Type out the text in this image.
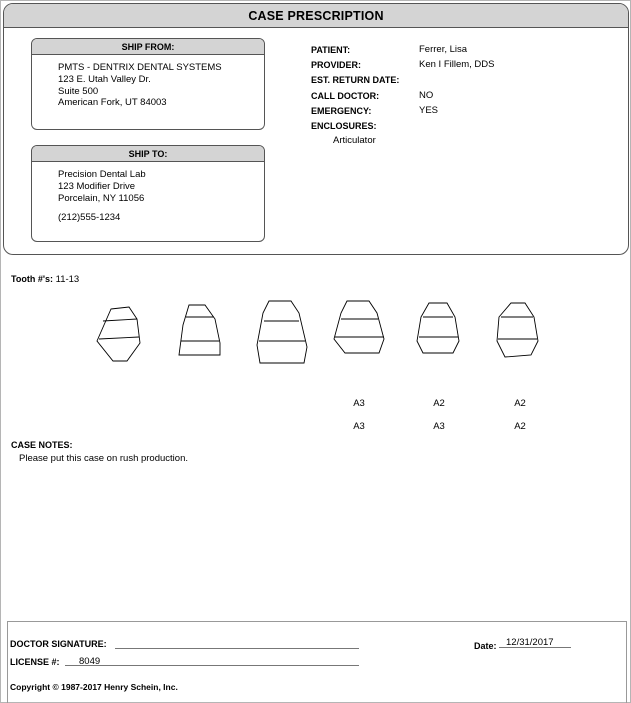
CASE PRESCRIPTION
SHIP FROM:
PMTS - DENTRIX DENTAL SYSTEMS
123 E. Utah Valley Dr.
Suite 500
American Fork, UT 84003
SHIP TO:
Precision Dental Lab
123 Modifier Drive
Porcelain, NY 11056
(212)555-1234
PATIENT:	Ferrer, Lisa
PROVIDER:	Ken I Fillem, DDS
EST. RETURN DATE:
CALL DOCTOR:	NO
EMERGENCY:	YES
ENCLOSURES:
Articulator
Tooth #'s: 11-13
A3	A2	A2
A3	A3	A2
CASE NOTES:
Please put this case on rush production.
DOCTOR SIGNATURE:
LICENSE #: 8049
Date: 12/31/2017
Copyright © 1987-2017 Henry Schein, Inc.
